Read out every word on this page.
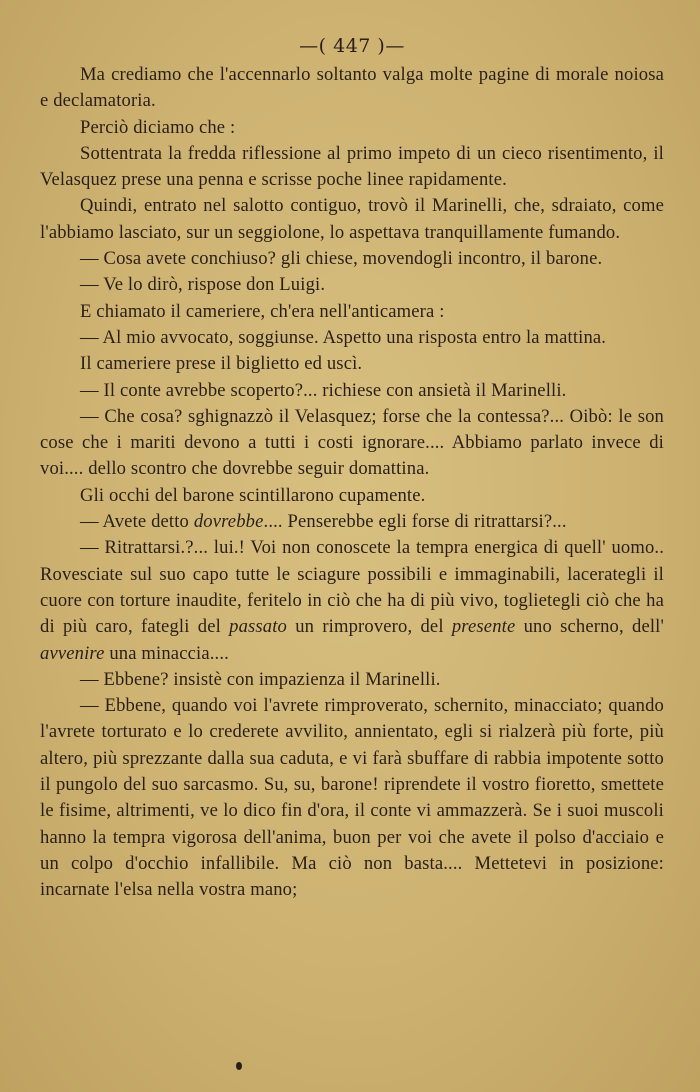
—( 447 )—

Ma crediamo che l'accennarlo soltanto valga molte pagine di morale noiosa e declamatoria.

Perciò diciamo che :

Sottentrata la fredda riflessione al primo impeto di un cieco risentimento, il Velasquez prese una penna e scrisse poche linee rapidamente.

Quindi, entrato nel salotto contiguo, trovò il Marinelli, che, sdraiato, come l'abbiamo lasciato, sur un seggiolone, lo aspettava tranquillamente fumando.

— Cosa avete conchiuso? gli chiese, movendogli incontro, il barone.

— Ve lo dirò, rispose don Luigi.

E chiamato il cameriere, ch'era nell'anticamera :

— Al mio avvocato, soggiunse. Aspetto una risposta entro la mattina.

Il cameriere prese il biglietto ed uscì.

— Il conte avrebbe scoperto?... richiese con ansietà il Marinelli.

— Che cosa? sghignazzò il Velasquez; forse che la contessa?... Oibò: le son cose che i mariti devono a tutti i costi ignorare.... Abbiamo parlato invece di voi.... dello scontro che dovrebbe seguir domattina.

Gli occhi del barone scintillarono cupamente.

— Avete detto dovrebbe.... Penserebbe egli forse di ritrattarsi?...

— Ritrattarsi.?... lui.! Voi non conoscete la tempra energica di quell' uomo.. Rovesciate sul suo capo tutte le sciagure possibili e immaginabili, lacerategli il cuore con torture inaudite, feritelo in ciò che ha di più vivo, toglietegli ciò che ha di più caro, fategli del passato un rimprovero, del presente uno scherno, dell' avvenire una minaccia....

— Ebbene? insistè con impazienza il Marinelli.

— Ebbene, quando voi l'avrete rimproverato, schernito, minacciato; quando l'avrete torturato e lo crederete avvilito, annientato, egli si rialzerà più forte, più altero, più sprezzante dalla sua caduta, e vi farà sbuffare di rabbia impotente sotto il pungolo del suo sarcasmo. Su, su, barone! riprendete il vostro fioretto, smettete le fisime, altrimenti, ve lo dico fin d'ora, il conte vi ammazzerà. Se i suoi muscoli hanno la tempra vigorosa dell'anima, buon per voi che avete il polso d'acciaio e un colpo d'occhio infallibile. Ma ciò non basta.... Mettetevi in posizione: incarnate l'elsa nella vostra mano;
